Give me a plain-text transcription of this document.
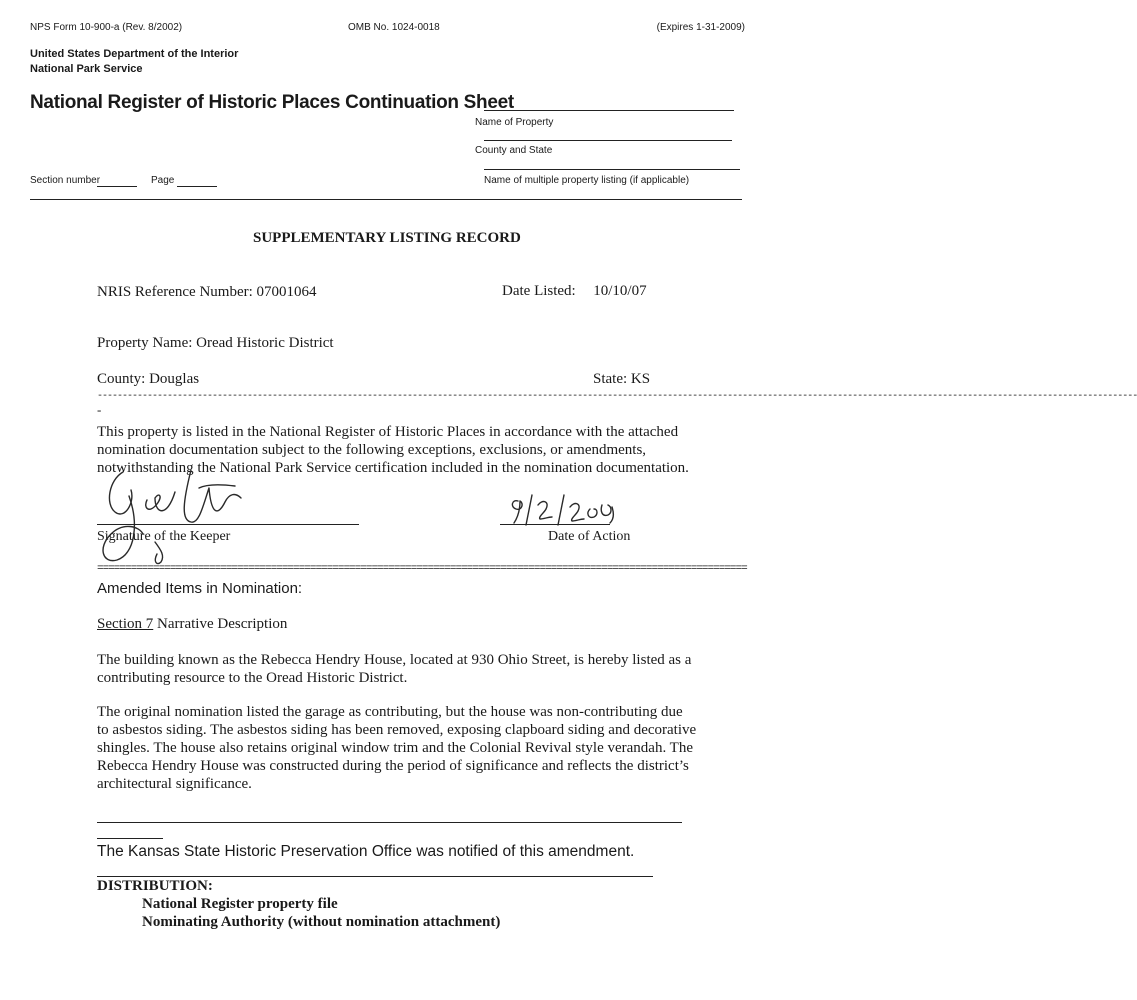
NPS Form 10-900-a (Rev. 8/2002)	OMB No. 1024-0018	(Expires 1-31-2009)
United States Department of the Interior
National Park Service
National Register of Historic Places Continuation Sheet
Name of Property
County and State
Section number	Page	Name of multiple property listing (if applicable)
SUPPLEMENTARY LISTING RECORD
NRIS Reference Number: 07001064	Date Listed: 10/10/07
Property Name: Oread Historic District
County: Douglas	State: KS
----------------------------------------------------------------------------------------------------------------------------------------------------------------------------------------------------------------
-
This property is listed in the National Register of Historic Places in accordance with the attached nomination documentation subject to the following exceptions, exclusions, or amendments, notwithstanding the National Park Service certification included in the nomination documentation.
Signature of the Keeper	Date of Action
====================================================================================================================
Amended Items in Nomination:
Section 7 Narrative Description
The building known as the Rebecca Hendry House, located at 930 Ohio Street, is hereby listed as a contributing resource to the Oread Historic District.
The original nomination listed the garage as contributing, but the house was non-contributing due to asbestos siding. The asbestos siding has been removed, exposing clapboard siding and decorative shingles. The house also retains original window trim and the Colonial Revival style verandah. The Rebecca Hendry House was constructed during the period of significance and reflects the district’s architectural significance.
The Kansas State Historic Preservation Office was notified of this amendment.
DISTRIBUTION:
National Register property file
Nominating Authority (without nomination attachment)
